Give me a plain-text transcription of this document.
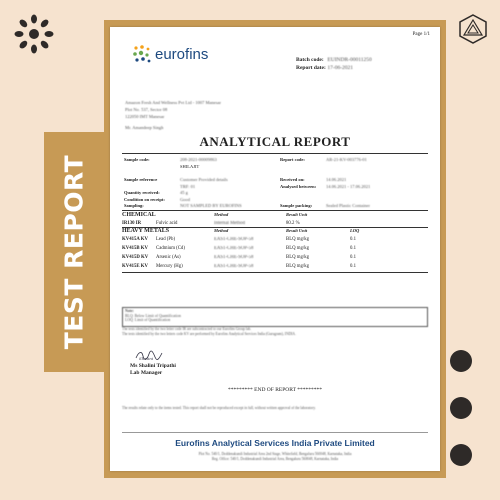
TEST REPORT
Page 1/1
eurofins	Batch code: EUINDR-00011250
Report date: 17-06-2021
Amazon Fresh And Wellness Pvt Ltd - 1007 Manesar
Plot No. 537, Sector 08
122050 IMT Manesar
Mr. Amandeep Singh
ANALYTICAL REPORT
Sample code:	208-2021-00009863
SHILAJIT
Sample reference	Customer Provided details
TRF: 01
Quantity received:	45 g
Condition on receipt:	Good
Sampling:	NOT SAMPLED BY EUROFINS
Report code:	AR-21-KV-003776-01

Received on:	14.06.2021
Analysed between: 14.06.2021 - 17.06.2021

Sample packing:	Sealed Plastic Container
CHEMICAL	Method	Result Unit
IR130 IR	Fulvic acid	Internal Method	80.2 %
HEAVY METALS	Method	Result Unit	LOQ
KV415A KV	Lead (Pb)	EAS1-CHE-SOP-58	BLQ mg/kg	0.1
KV415B KV	Cadmium (Cd)	EAS1-CHE-SOP-58	BLQ mg/kg	0.1
KV415D KV	Arsenic (As)	EAS1-CHE-SOP-58	BLQ mg/kg	0.1
KV415E KV	Mercury (Hg)	EAS1-CHE-SOP-58	BLQ mg/kg	0.1
Note:
BLQ: Below Limit of Quantification
LOQ: Limit of Quantification
The tests identified by the two letter code IR are subcontracted to our Eurofins Group lab.
The tests identified by the two letters code KV are performed by Eurofins Analytical Services India (Gurugram), INDIA.
Shalini
Ms Shalini Tripathi
Lab Manager
********* END OF REPORT *********
The results relate only to the items tested. This report shall not be reproduced except in full, without written approval of the laboratory.
Eurofins Analytical Services India Private Limited
Plot No. 540/1, Doddenakundi Industrial Area 2nd Stage, Whitefield, Bengaluru 560048, Karnataka, India
Reg. Office: 540/1, Doddenakundi Industrial Area, Bengaluru 560048, Karnataka, India
